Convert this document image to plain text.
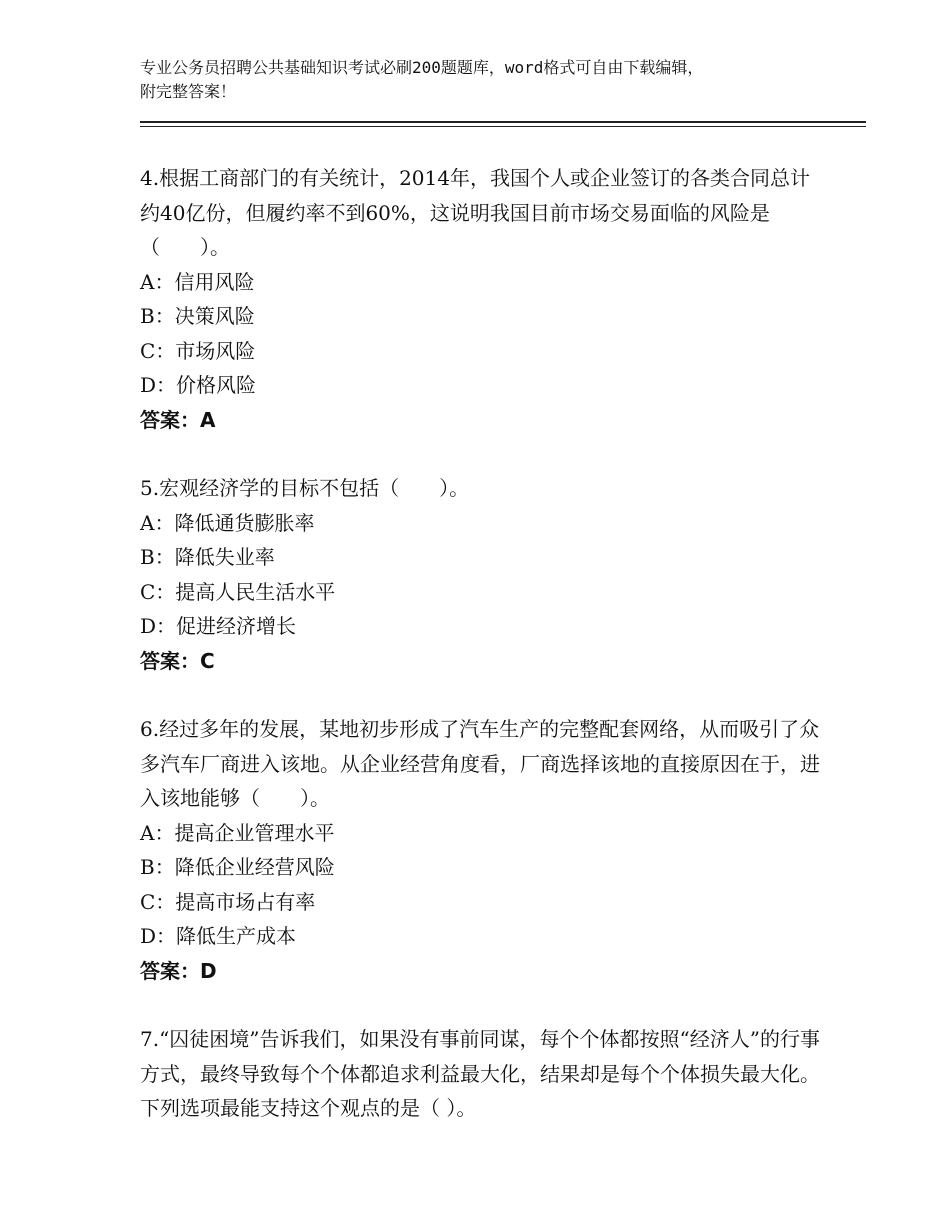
专业公务员招聘公共基础知识考试必刷200题题库，word格式可自由下载编辑，
附完整答案！

4.根据工商部门的有关统计，2014年，我国个人或企业签订的各类合同总计约40亿份，但履约率不到60%，这说明我国目前市场交易面临的风险是（　　）。

A：信用风险

B：决策风险

C：市场风险

D：价格风险

答案：A

5.宏观经济学的目标不包括（　　）。

A：降低通货膨胀率

B：降低失业率

C：提高人民生活水平

D：促进经济增长

答案：C

6.经过多年的发展，某地初步形成了汽车生产的完整配套网络，从而吸引了众多汽车厂商进入该地。从企业经营角度看，厂商选择该地的直接原因在于，进入该地能够（　　）。

A：提高企业管理水平

B：降低企业经营风险

C：提高市场占有率

D：降低生产成本

答案：D

7.“囚徒困境”告诉我们，如果没有事前同谋，每个个体都按照“经济人”的行事方式，最终导致每个个体都追求利益最大化，结果却是每个个体损失最大化。下列选项最能支持这个观点的是（ ）。
